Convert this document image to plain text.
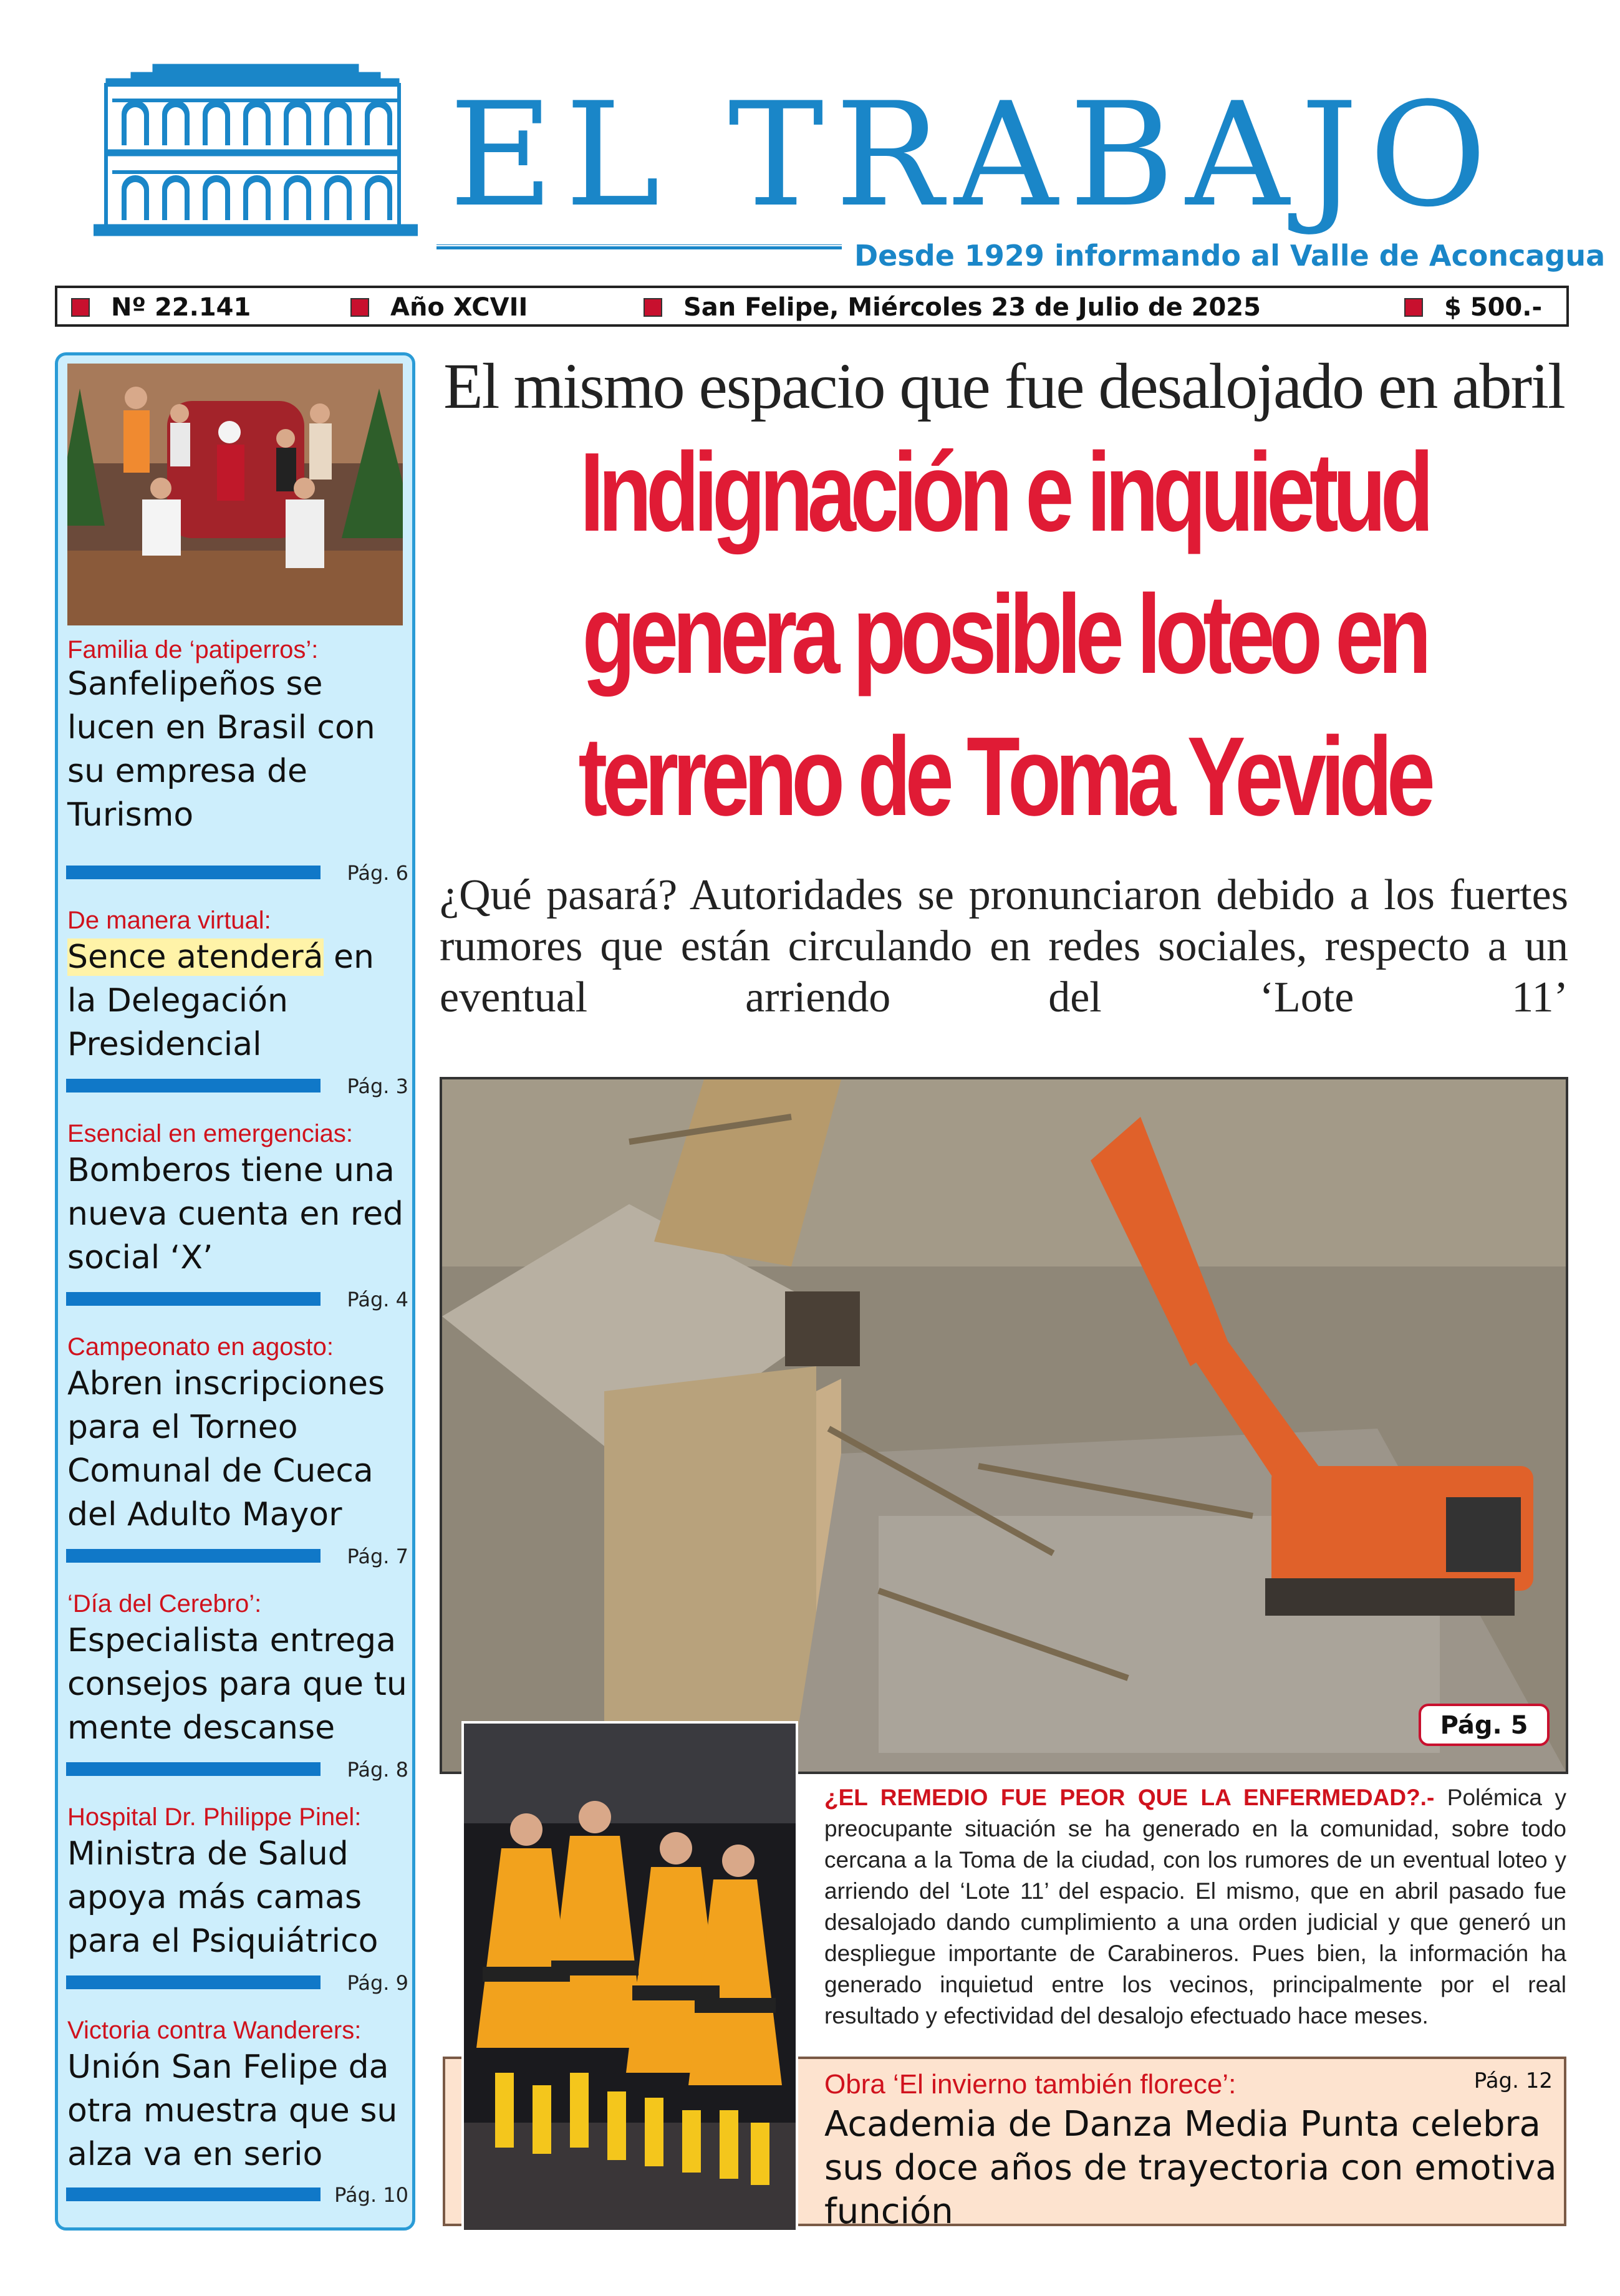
EL TRABAJO
Desde 1929 informando al Valle de Aconcagua
Nº 22.141	Año XCVII	San Felipe, Miércoles 23 de Julio de 2025	$ 500.-
Familia de ‘patiperros’:
Sanfelipeños se lucen en Brasil con su empresa de Turismo
Pág. 6
De manera virtual:
Sence atenderá en la Delegación Presidencial
Pág. 3
Esencial en emergencias:
Bomberos tiene una nueva cuenta en red social ‘X’
Pág. 4
Campeonato en agosto:
Abren inscripciones para el Torneo Comunal de Cueca del Adulto Mayor
Pág. 7
‘Día del Cerebro’:
Especialista entrega consejos para que tu mente descanse
Pág. 8
Hospital Dr. Philippe Pinel:
Ministra de Salud apoya más camas para el Psiquiátrico
Pág. 9
Victoria contra Wanderers:
Unión San Felipe da otra muestra que su alza va en serio
Pág. 10
El mismo espacio que fue desalojado en abril
Indignación e inquietud
genera posible loteo en
terreno de Toma Yevide
¿Qué pasará? Autoridades se pronunciaron debido a los fuertes rumores que están circulando en redes sociales, respecto a un eventual arriendo del ‘Lote 11’
Pág. 5
¿EL REMEDIO FUE PEOR QUE LA ENFERMEDAD?.- Polémica y preocupante situación se ha generado en la comunidad, sobre todo cercana a la Toma de la ciudad, con los rumores de un eventual loteo y arriendo del ‘Lote 11’ del espacio. El mismo, que en abril pasado fue desalojado dando cumplimiento a una orden judicial y que generó un despliegue importante de Carabineros. Pues bien, la información ha generado inquietud entre los vecinos, principalmente por el real resultado y efectividad del desalojo efectuado hace meses.
Obra ‘El invierno también florece’:	Pág. 12
Academia de Danza Media Punta celebra sus doce años de trayectoria con emotiva función
